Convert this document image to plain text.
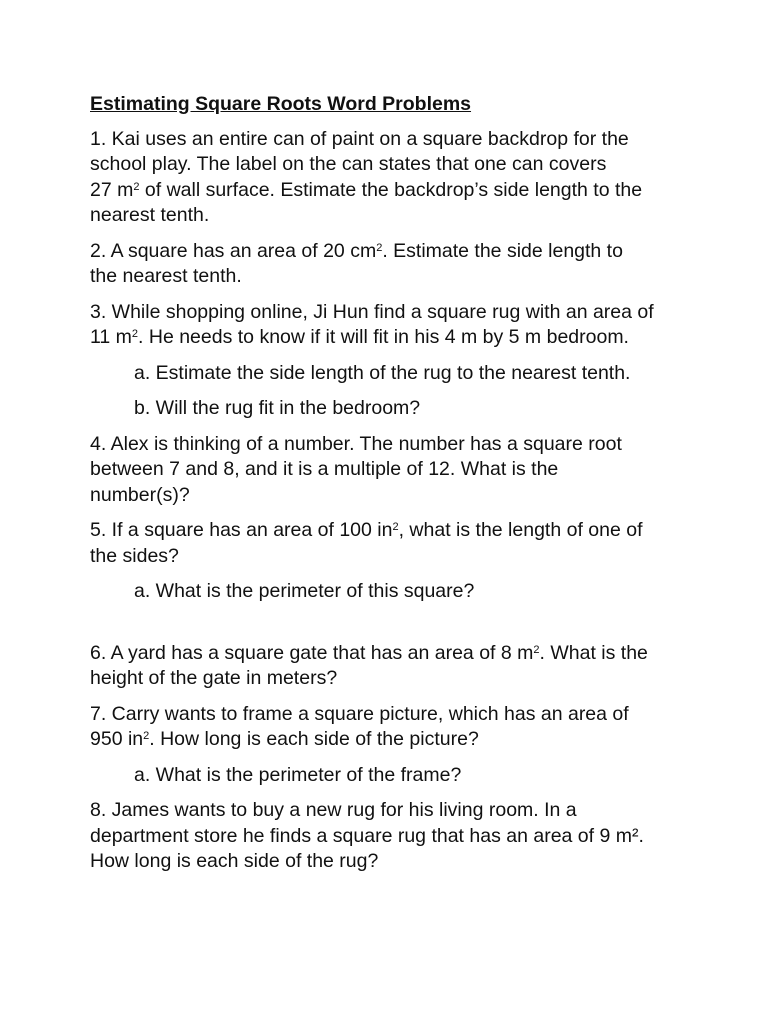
Estimating Square Roots Word Problems
1. Kai uses an entire can of paint on a square backdrop for the
school play. The label on the can states that one can covers
27 $m^2$ of wall surface. Estimate the backdrop’s side length to the
nearest tenth.
2. A square has an area of 20 $cm^2$. Estimate the side length to
the nearest tenth.
3. While shopping online, Ji Hun find a square rug with an area of
11 $m^2$. He needs to know if it will fit in his 4 m by 5 m bedroom.
a. Estimate the side length of the rug to the nearest tenth.
b. Will the rug fit in the bedroom?
4. Alex is thinking of a number. The number has a square root
between 7 and 8, and it is a multiple of 12. What is the
number(s)?
5. If a square has an area of 100 $in^2$, what is the length of one of
the sides?
a. What is the perimeter of this square?
6. A yard has a square gate that has an area of 8 $m^2$. What is the
height of the gate in meters?
7. Carry wants to frame a square picture, which has an area of
950 $in^2$. How long is each side of the picture?
a. What is the perimeter of the frame?
8. James wants to buy a new rug for his living room. In a
department store he finds a square rug that has an area of 9 m².
How long is each side of the rug?
